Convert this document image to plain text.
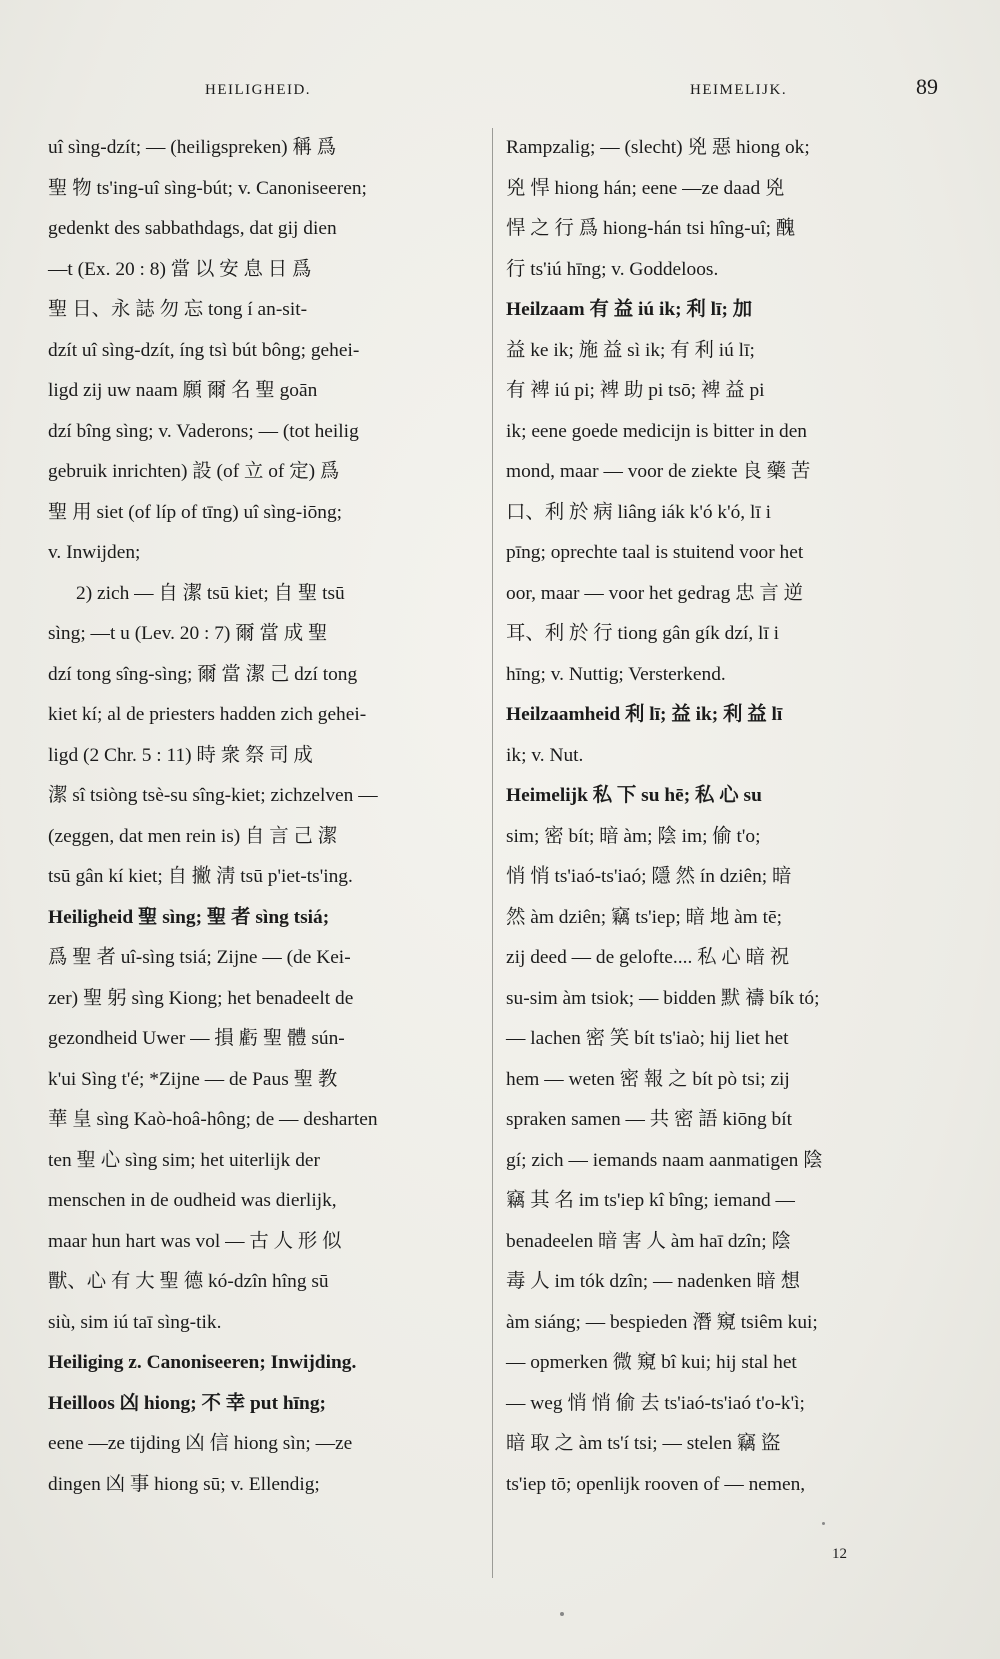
HEILIGHEID.	HEIMELIJK.	89
uî sìng-dzít; — (heiligspreken) 稱 爲
聖 物 ts'ing-uî sìng-bút; v. Canoniseeren;
gedenkt des sabbathdags, dat gij dien
—t (Ex. 20 : 8) 當 以 安 息 日 爲
聖 日、永 誌 勿 忘 tong í an-sit-
dzít uî sìng-dzít, íng tsì bút bông; gehei-
ligd zij uw naam 願 爾 名 聖 goān
dzí bîng sìng; v. Vaderons; — (tot heilig
gebruik inrichten) 設 (of 立 of 定) 爲
聖 用 siet (of líp of tīng) uî sìng-iōng;
v. Inwijden;
2) zich — 自 潔 tsū kiet; 自 聖 tsū
sìng; —t u (Lev. 20 : 7) 爾 當 成 聖
dzí tong sîng-sìng; 爾 當 潔 己 dzí tong
kiet kí; al de priesters hadden zich gehei-
ligd (2 Chr. 5 : 11) 時 衆 祭 司 成
潔 sî tsiòng tsè-su sîng-kiet; zichzelven —
(zeggen, dat men rein is) 自 言 己 潔
tsū gân kí kiet; 自 撇 淸 tsū p'iet-ts'ing.
Heiligheid 聖 sìng; 聖 者 sìng tsiá;
爲 聖 者 uî-sìng tsiá; Zijne — (de Kei-
zer) 聖 躬 sìng Kiong; het benadeelt de
gezondheid Uwer — 損 虧 聖 體 sún-
k'ui Sìng t'é; *Zijne — de Paus 聖 教
華 皇 sìng Kaò-hoâ-hông; de — desharten
ten 聖 心 sìng sim; het uiterlijk der
menschen in de oudheid was dierlijk,
maar hun hart was vol — 古 人 形 似
獸、心 有 大 聖 德 kó-dzîn hîng sū
siù, sim iú taī sìng-tik.
Heiliging z. Canoniseeren; Inwijding.
Heilloos 凶 hiong; 不 幸 put hīng;
eene —ze tijding 凶 信 hiong sìn; —ze
dingen 凶 事 hiong sū; v. Ellendig;
Rampzalig; — (slecht) 兇 惡 hiong ok;
兇 悍 hiong hán; eene —ze daad 兇
悍 之 行 爲 hiong-hán tsi hîng-uî; 醜
行 ts'iú hīng; v. Goddeloos.
Heilzaam 有 益 iú ik; 利 lī; 加
益 ke ik; 施 益 sì ik; 有 利 iú lī;
有 裨 iú pi; 裨 助 pi tsō; 裨 益 pi
ik; eene goede medicijn is bitter in den
mond, maar — voor de ziekte 良 藥 苦
口、利 於 病 liâng iák k'ó k'ó, lī i
pīng; oprechte taal is stuitend voor het
oor, maar — voor het gedrag 忠 言 逆
耳、利 於 行 tiong gân gík dzí, lī i
hīng; v. Nuttig; Versterkend.
Heilzaamheid 利 lī; 益 ik; 利 益 lī
ik; v. Nut.
Heimelijk 私 下 su hē; 私 心 su
sim; 密 bít; 暗 àm; 陰 im; 偷 t'o;
悄 悄 ts'iaó-ts'iaó; 隱 然 ín dziên; 暗
然 àm dziên; 竊 ts'iep; 暗 地 àm tē;
zij deed — de gelofte.... 私 心 暗 祝
su-sim àm tsiok; — bidden 默 禱 bík tó;
— lachen 密 笑 bít ts'iaò; hij liet het
hem — weten 密 報 之 bít pò tsi; zij
spraken samen — 共 密 語 kiōng bít
gí; zich — iemands naam aanmatigen 陰
竊 其 名 im ts'iep kî bîng; iemand —
benadeelen 暗 害 人 àm haī dzîn; 陰
毒 人 im tók dzîn; — nadenken 暗 想
àm siáng; — bespieden 潛 窺 tsiêm kui;
— opmerken 微 窺 bî kui; hij stal het
— weg 悄 悄 偷 去 ts'iaó-ts'iaó t'o-k'ì;
暗 取 之 àm ts'í tsi; — stelen 竊 盜
ts'iep tō; openlijk rooven of — nemen,
12
